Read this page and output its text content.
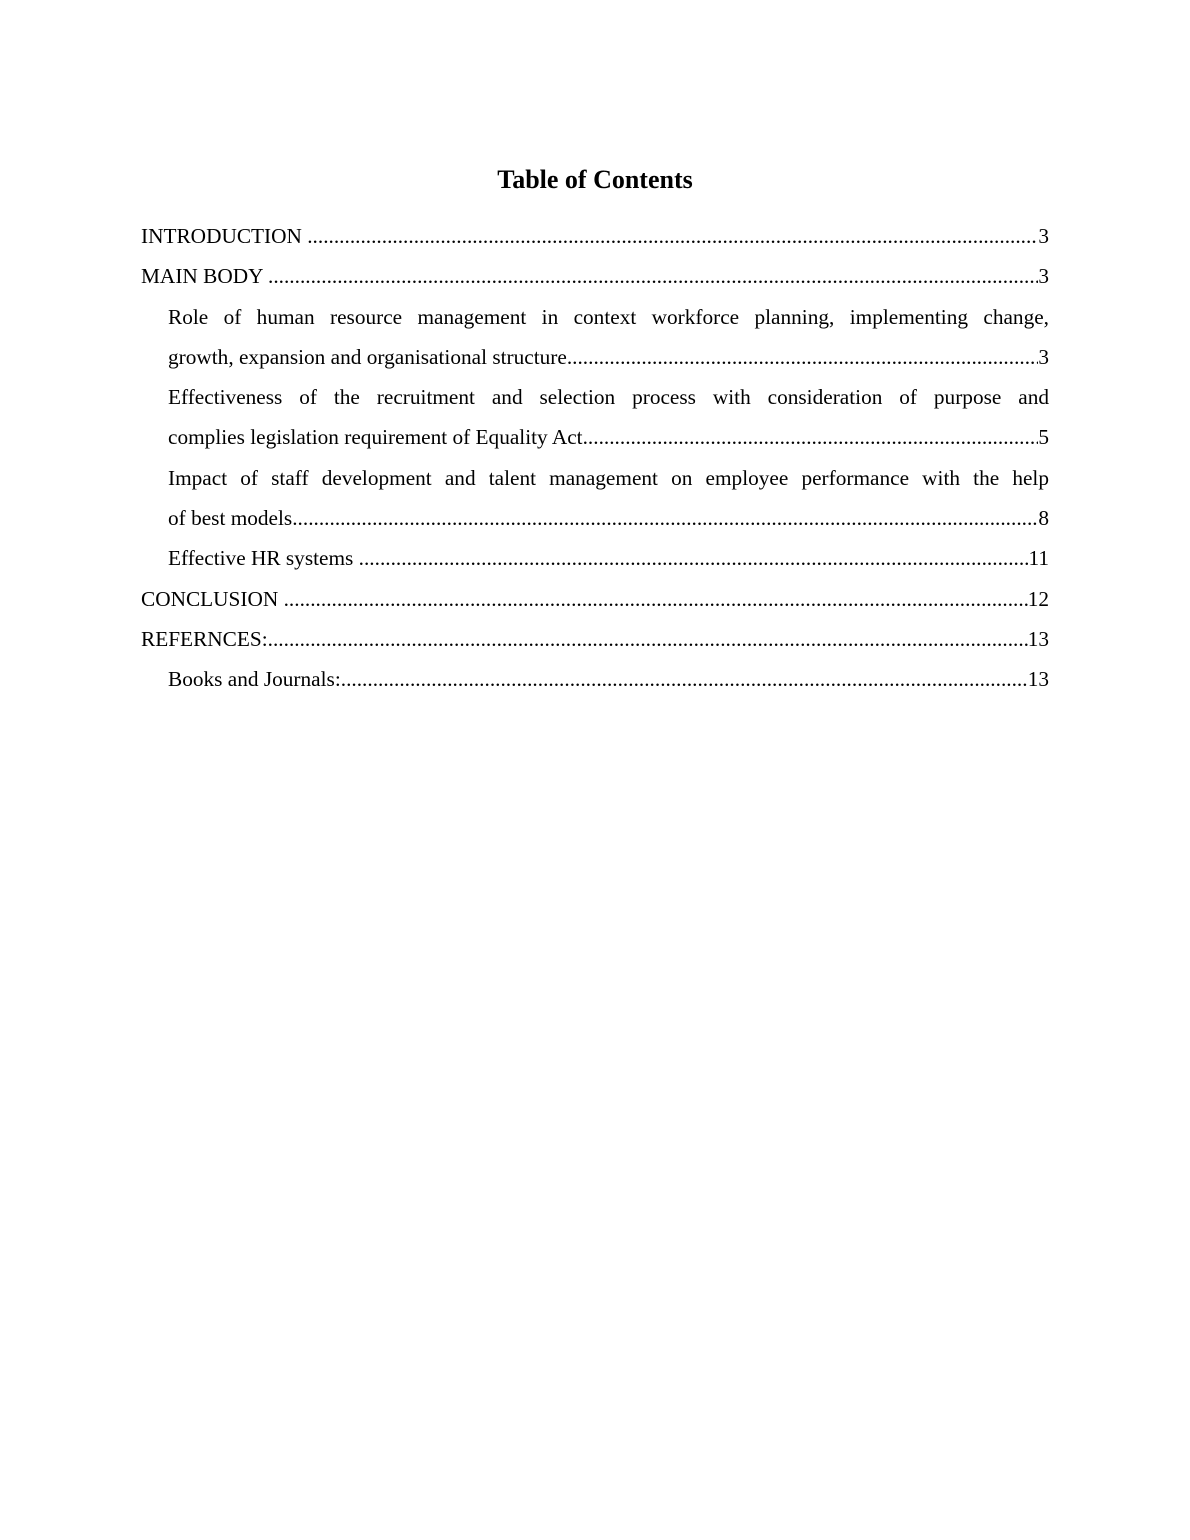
Table of Contents
INTRODUCTION .....	3
MAIN BODY .....	3
Role of human resource management in context workforce planning, implementing change,
growth, expansion and organisational structure .....	3
Effectiveness of the recruitment and selection process with consideration of purpose and
complies legislation requirement of Equality Act .....	5
Impact of staff development and talent management on employee performance with the help
of best models .....	8
Effective HR systems .....	11
CONCLUSION .....	12
REFERNCES: .....	13
Books and Journals: .....	13
